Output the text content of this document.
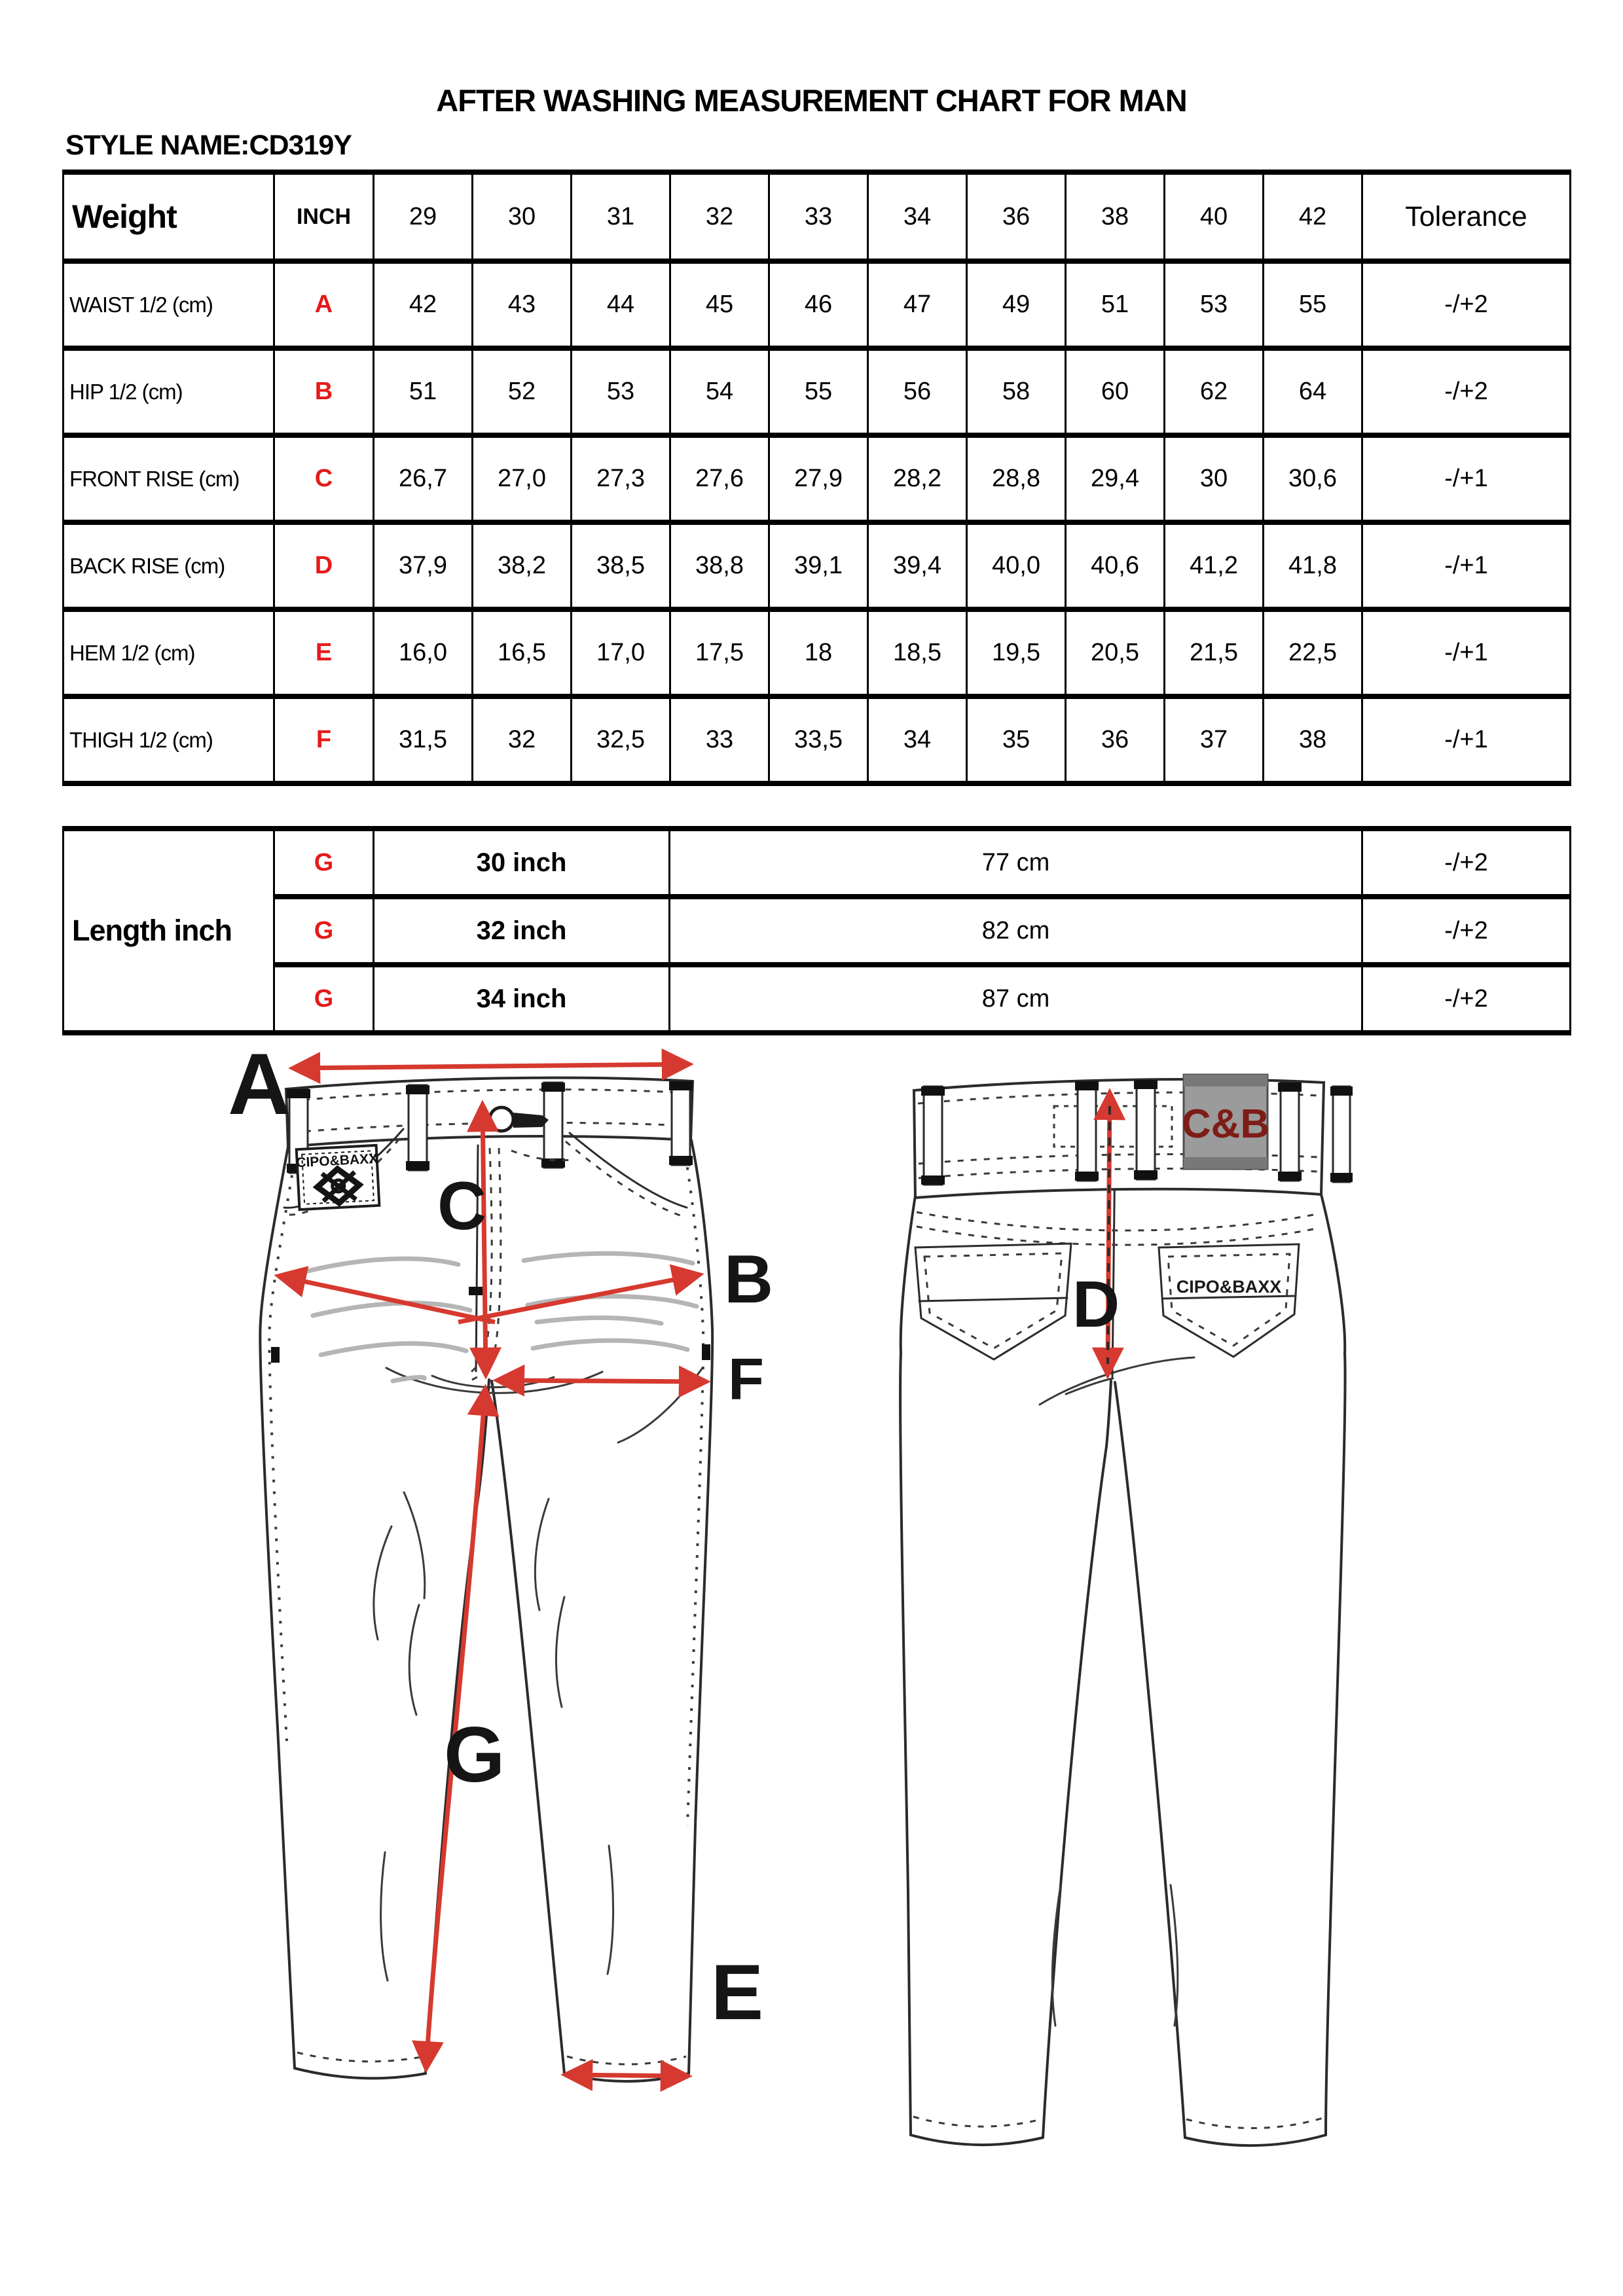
AFTER WASHING MEASUREMENT CHART FOR MAN
STYLE NAME:CD319Y
Weight	INCH	29	30	31	32	33	34	36	38	40	42	Tolerance
WAIST 1/2 (cm)	A	42	43	44	45	46	47	49	51	53	55	-/+2
HIP 1/2 (cm)	B	51	52	53	54	55	56	58	60	62	64	-/+2
FRONT RISE (cm)	C	26,7	27,0	27,3	27,6	27,9	28,2	28,8	29,4	30	30,6	-/+1
BACK RISE (cm)	D	37,9	38,2	38,5	38,8	39,1	39,4	40,0	40,6	41,2	41,8	-/+1
HEM 1/2 (cm)	E	16,0	16,5	17,0	17,5	18	18,5	19,5	20,5	21,5	22,5	-/+1
THIGH 1/2 (cm)	F	31,5	32	32,5	33	33,5	34	35	36	37	38	-/+1
Length inch	G	30 inch	77 cm	-/+2
	G	32 inch	82 cm	-/+2
	G	34 inch	87 cm	-/+2
CIPO&BAXX
A
C
B
F
G
E
C&B
CIPO&BAXX
D
